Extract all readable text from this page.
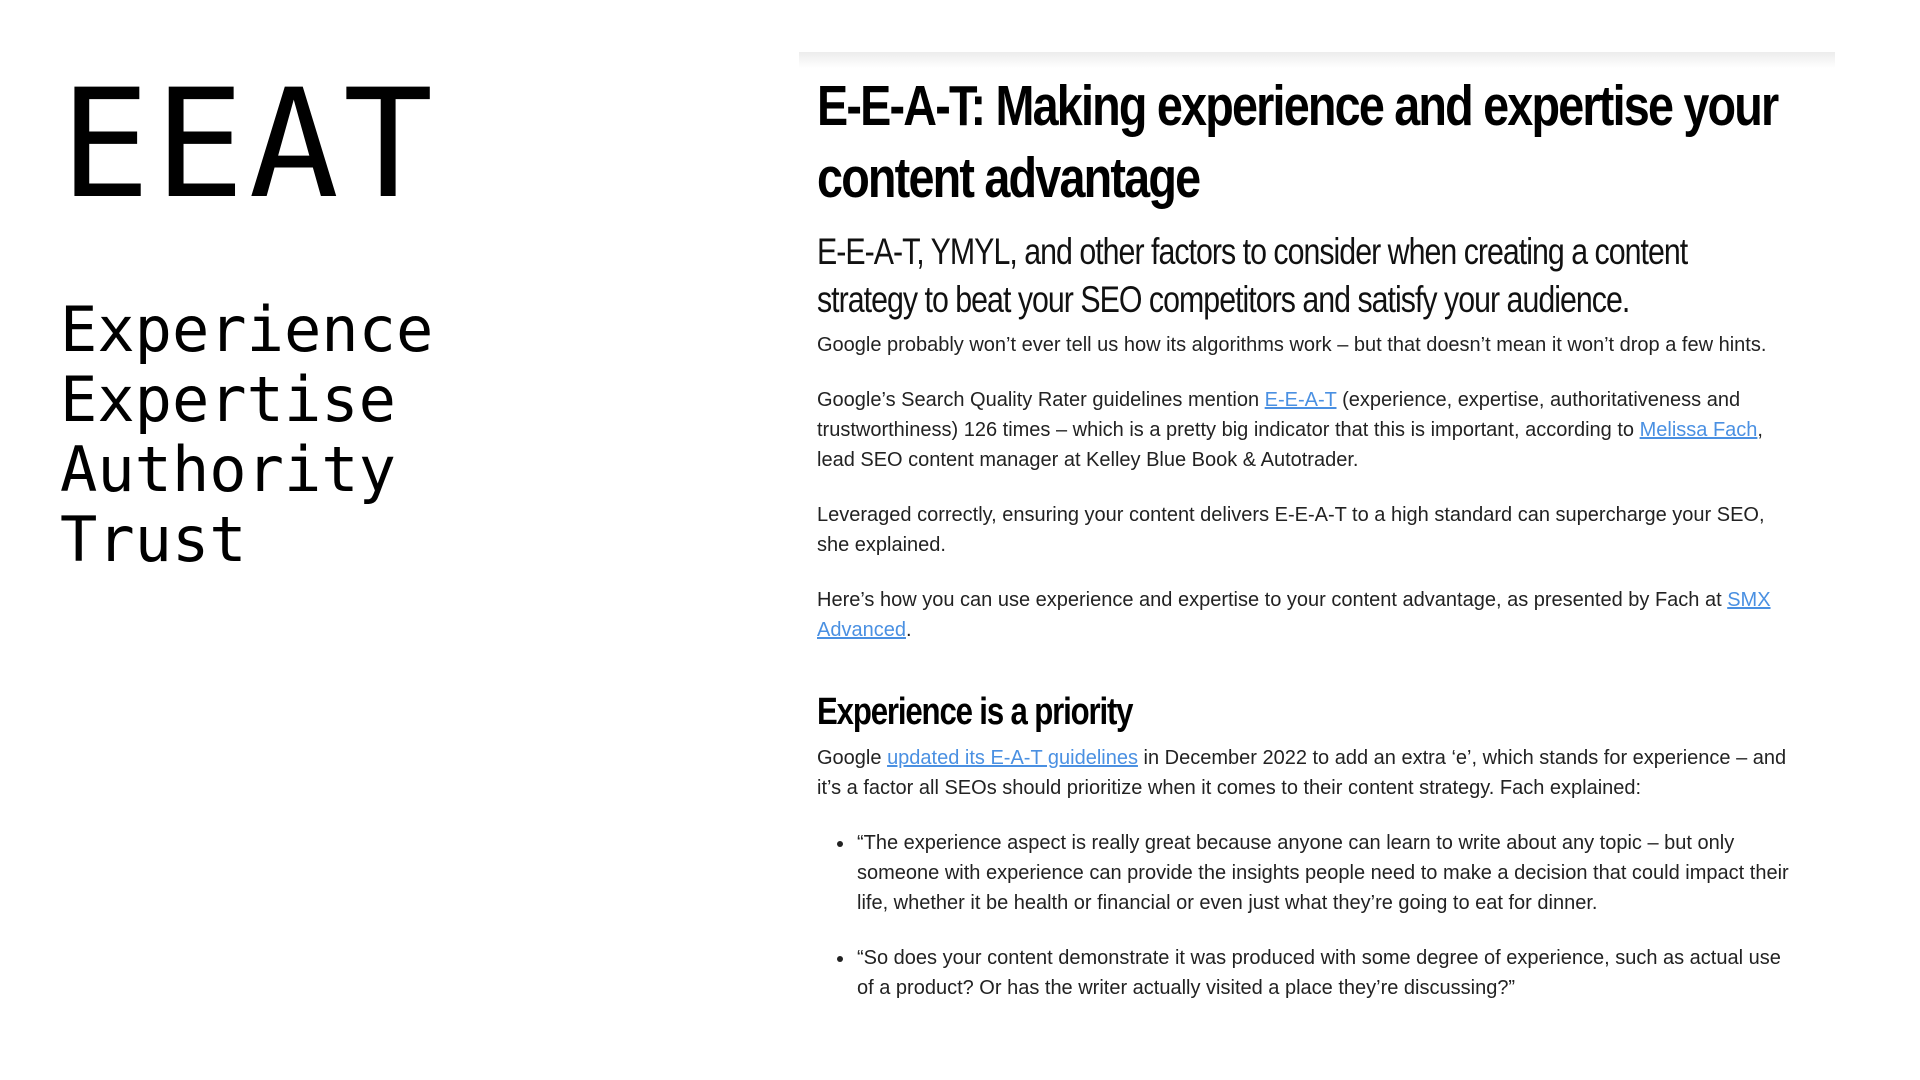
EEAT
Experience
Expertise
Authority
Trust
E-E-A-T: Making experience and expertise your content advantage
E-E-A-T, YMYL, and other factors to consider when creating a content strategy to beat your SEO competitors and satisfy your audience.

Google probably won’t ever tell us how its algorithms work – but that doesn’t mean it won’t drop a few hints.

Google’s Search Quality Rater guidelines mention E-E-A-T (experience, expertise, authoritativeness and trustworthiness) 126 times – which is a pretty big indicator that this is important, according to Melissa Fach, lead SEO content manager at Kelley Blue Book & Autotrader.

Leveraged correctly, ensuring your content delivers E-E-A-T to a high standard can supercharge your SEO, she explained.

Here’s how you can use experience and expertise to your content advantage, as presented by Fach at SMX Advanced.

Experience is a priority

Google updated its E-A-T guidelines in December 2022 to add an extra ‘e’, which stands for experience – and it’s a factor all SEOs should prioritize when it comes to their content strategy. Fach explained:

• “The experience aspect is really great because anyone can learn to write about any topic – but only someone with experience can provide the insights people need to make a decision that could impact their life, whether it be health or financial or even just what they’re going to eat for dinner.
• “So does your content demonstrate it was produced with some degree of experience, such as actual use of a product? Or has the writer actually visited a place they’re discussing?”
